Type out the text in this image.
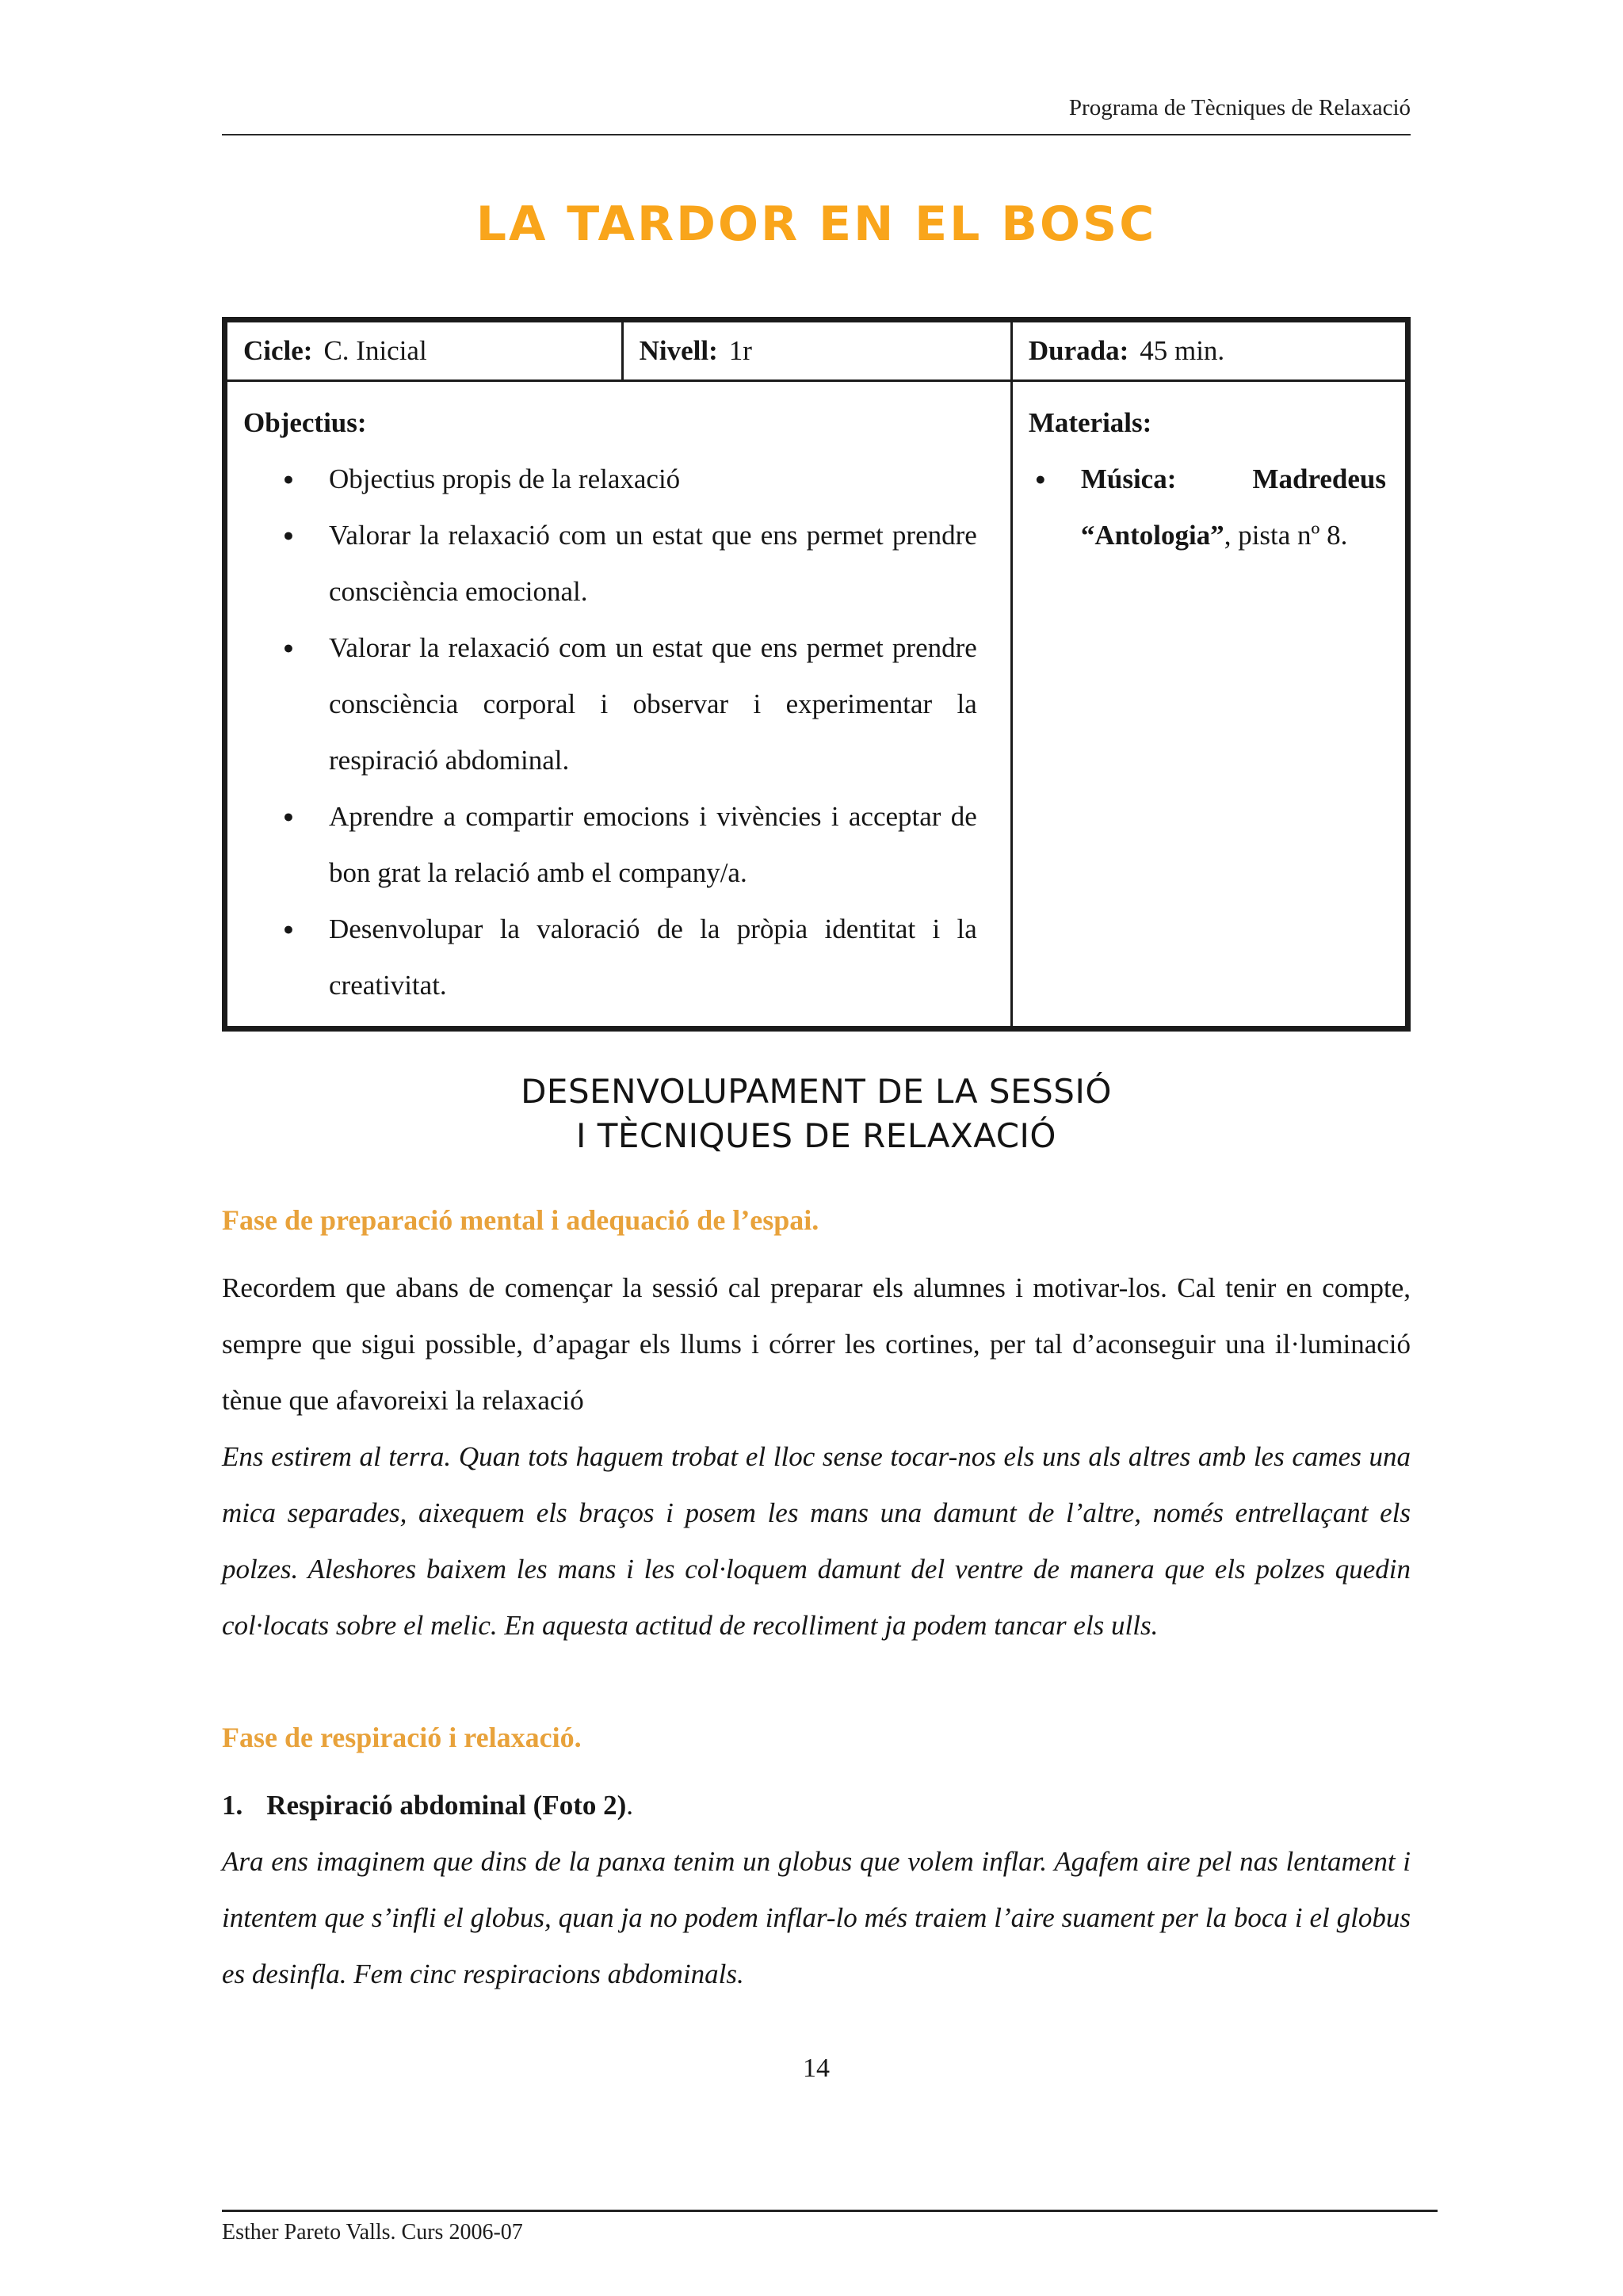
Programa de Tècniques de Relaxació
LA TARDOR EN EL BOSC
Cicle: C. Inicial	Nivell: 1r	Durada: 45 min.

Objectius:
●	Objectius propis de la relaxació
●	Valorar la relaxació com un estat que ens permet prendre consciència emocional.
●	Valorar la relaxació com un estat que ens permet prendre consciència corporal i observar i experimentar la respiració abdominal.
●	Aprendre a compartir emocions i vivències i acceptar de bon grat la relació amb el company/a.
●	Desenvolupar la valoració de la pròpia identitat i la creativitat.

Materials:
●	Música:	Madredeus
“Antologia”, pista nº 8.
DESENVOLUPAMENT DE LA SESSIÓ
I TÈCNIQUES DE RELAXACIÓ
Fase de preparació mental i adequació de l’espai.

Recordem que abans de començar la sessió cal preparar els alumnes i motivar-los. Cal tenir en compte, sempre que sigui possible, d’apagar els llums i córrer les cortines, per tal d’aconseguir una il·luminació tènue que afavoreixi la relaxació

Ens estirem al terra. Quan tots haguem trobat el lloc sense tocar-nos els uns als altres amb les cames una mica separades, aixequem els braços i posem les mans una damunt de l’altre, només entrellaçant els polzes. Aleshores baixem les mans i les col·loquem damunt del ventre de manera que els polzes quedin col·locats sobre el melic. En aquesta actitud de recolliment ja podem tancar els ulls.

Fase de respiració i relaxació.

1. Respiració abdominal (Foto 2).

Ara ens imaginem que dins de la panxa tenim un globus que volem inflar. Agafem aire pel nas lentament i intentem que s’infli el globus, quan ja no podem inflar-lo més traiem l’aire suament per la boca i el globus es desinfla. Fem cinc respiracions abdominals.

14
Esther Pareto Valls. Curs 2006-07
